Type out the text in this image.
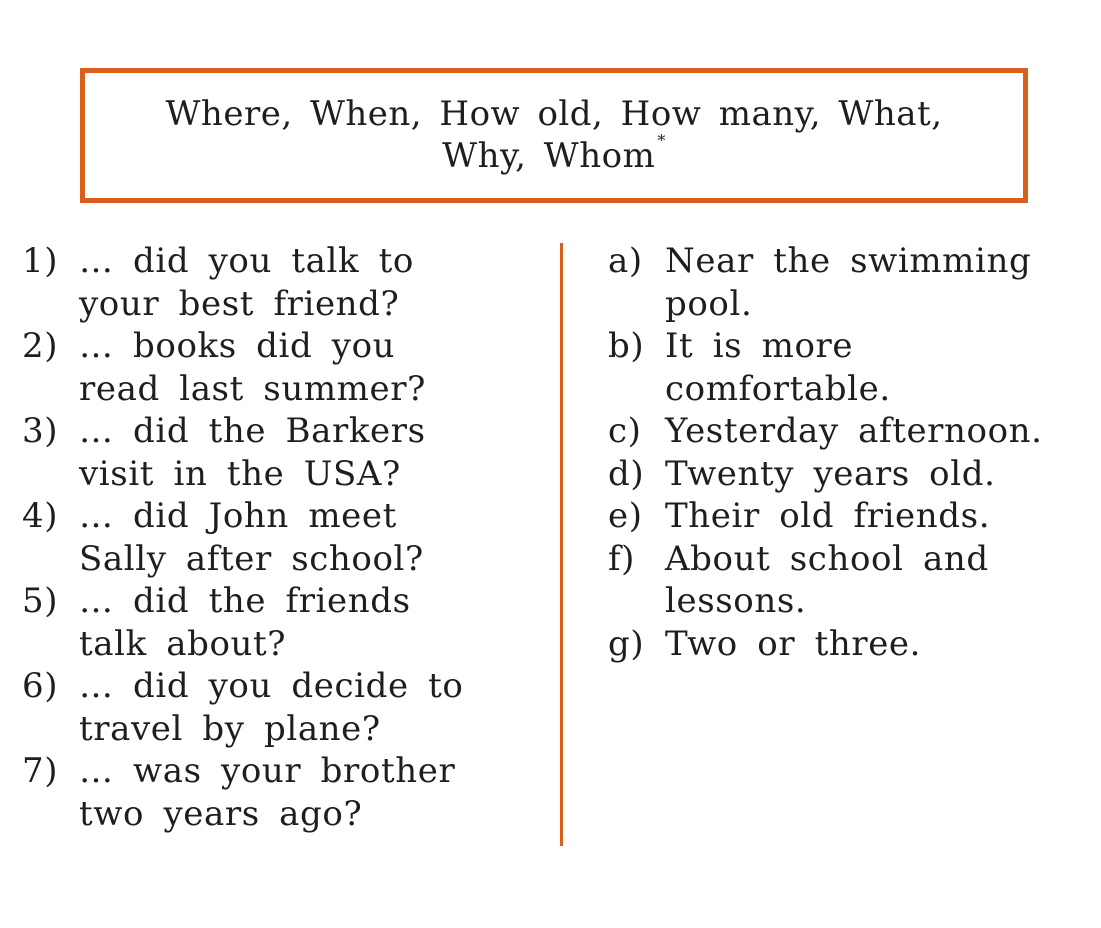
Where, When, How old, How many, What,
Why, Whom *
1) … did you talk to
your best friend?
2) … books did you
read last summer?
3) … did the Barkers
visit in the USA?
4) … did John meet
Sally after school?
5) … did the friends
talk about?
6) … did you decide to
travel by plane?
7) … was your brother
two years ago?
a) Near the swimming
pool.
b) It is more
comfortable.
c) Yesterday afternoon.
d) Twenty years old.
e) Their old friends.
f) About school and
lessons.
g) Two or three.
